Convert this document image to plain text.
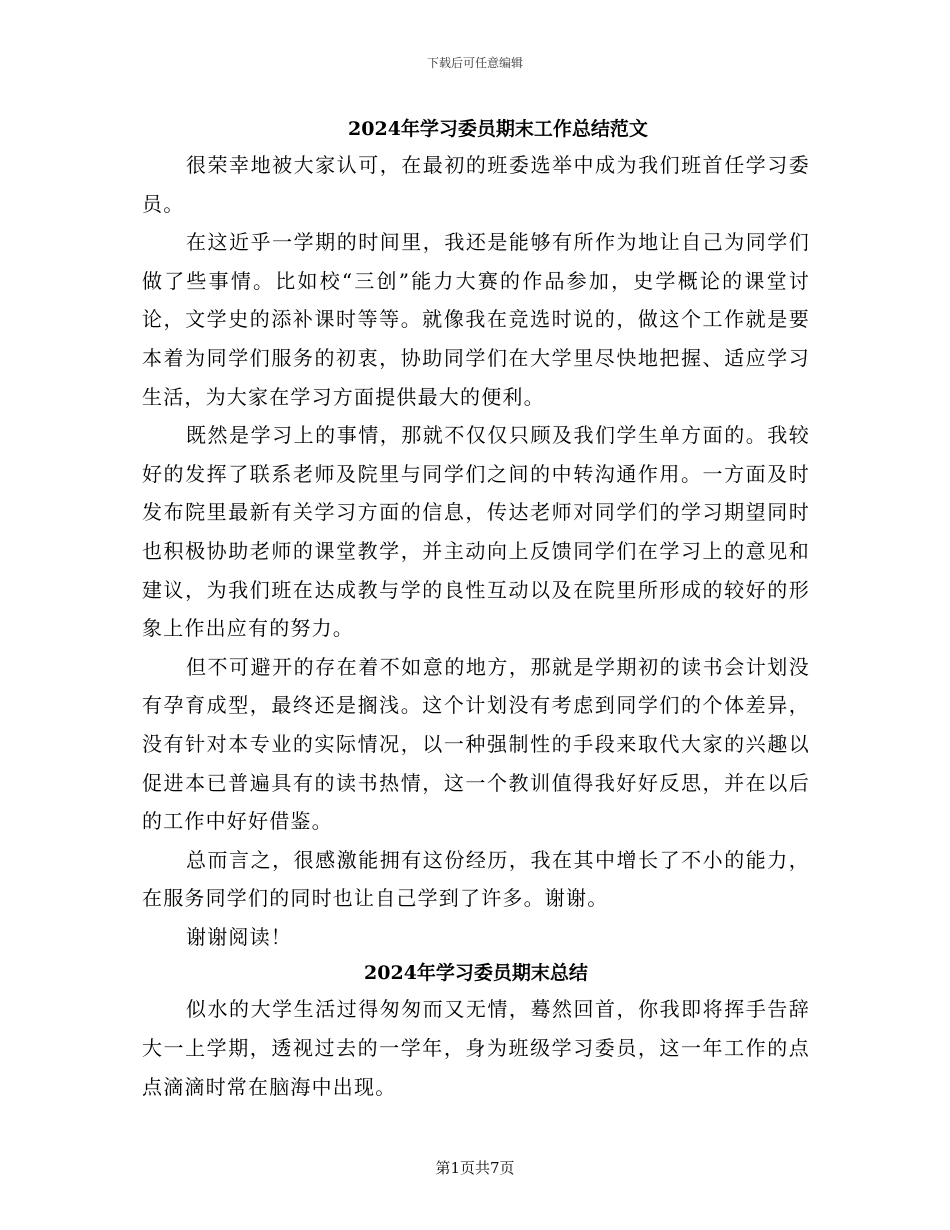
下载后可任意编辑
2024年学习委员期末工作总结范文

很荣幸地被大家认可，在最初的班委选举中成为我们班首任学习委员。

在这近乎一学期的时间里，我还是能够有所作为地让自己为同学们做了些事情。比如校“三创”能力大赛的作品参加，史学概论的课堂讨论，文学史的添补课时等等。就像我在竞选时说的，做这个工作就是要本着为同学们服务的初衷，协助同学们在大学里尽快地把握、适应学习生活，为大家在学习方面提供最大的便利。

既然是学习上的事情，那就不仅仅只顾及我们学生单方面的。我较好的发挥了联系老师及院里与同学们之间的中转沟通作用。一方面及时发布院里最新有关学习方面的信息，传达老师对同学们的学习期望同时也积极协助老师的课堂教学，并主动向上反馈同学们在学习上的意见和建议，为我们班在达成教与学的良性互动以及在院里所形成的较好的形象上作出应有的努力。

但不可避开的存在着不如意的地方，那就是学期初的读书会计划没有孕育成型，最终还是搁浅。这个计划没有考虑到同学们的个体差异，没有针对本专业的实际情况，以一种强制性的手段来取代大家的兴趣以促进本已普遍具有的读书热情，这一个教训值得我好好反思，并在以后的工作中好好借鉴。

总而言之，很感激能拥有这份经历，我在其中增长了不小的能力，在服务同学们的同时也让自己学到了许多。谢谢。

谢谢阅读！

2024年学习委员期末总结

似水的大学生活过得匆匆而又无情，蓦然回首，你我即将挥手告辞大一上学期，透视过去的一学年，身为班级学习委员，这一年工作的点点滴滴时常在脑海中出现。

第1页共7页
